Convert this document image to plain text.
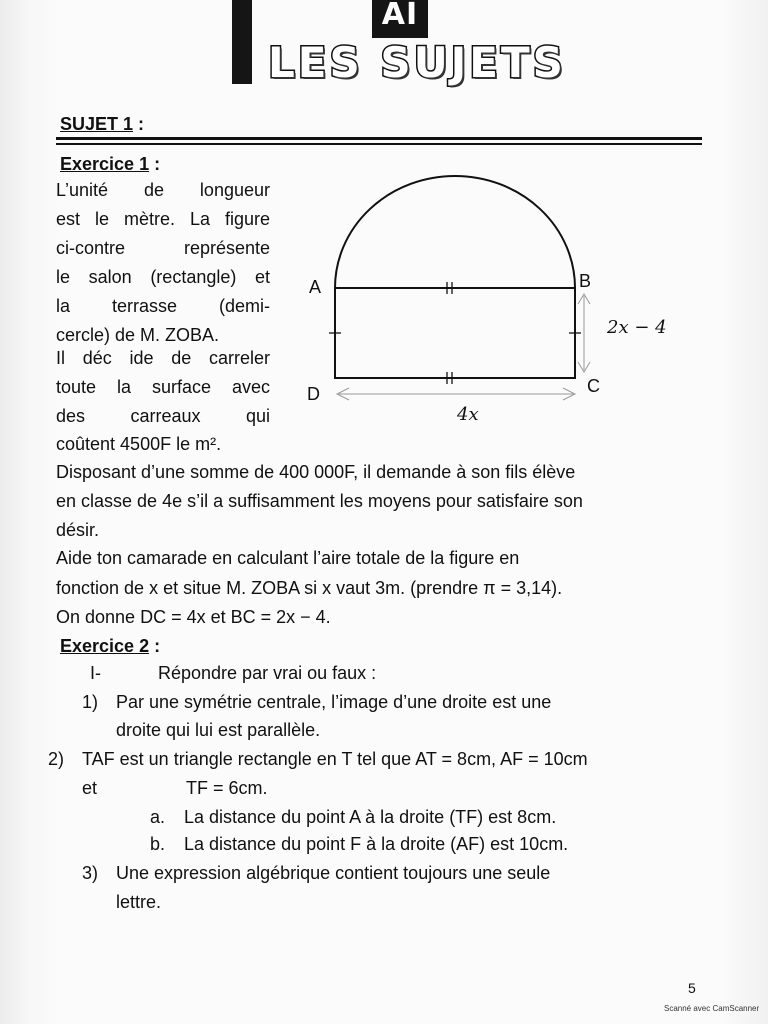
AI
LES SUJETS
SUJET 1 :
Exercice 1 :
L’unité de longueur
est le mètre. La figure
ci-contre représente
le salon (rectangle) et
la terrasse (demi-
cercle) de M. ZOBA.
Il déc ide de carreler
toute la surface avec
des carreaux qui
coûtent 4500F le m².
A	B
C
D
2x − 4
4x
Disposant d’une somme de 400 000F, il demande à son fils élève
en classe de 4e s’il a suffisamment les moyens pour satisfaire son
désir.
Aide ton camarade en calculant l’aire totale de la figure en
fonction de x et situe M. ZOBA si x vaut 3m. (prendre π = 3,14).
On donne DC = 4x et BC = 2x − 4.
Exercice 2 :
I-	Répondre par vrai ou faux :
1) Par une symétrie centrale, l’image d’une droite est une
droite qui lui est parallèle.
2) TAF est un triangle rectangle en T tel que AT = 8cm, AF = 10cm
et	TF = 6cm.
a. La distance du point A à la droite (TF) est 8cm.
b. La distance du point F à la droite (AF) est 10cm.
3) Une expression algébrique contient toujours une seule
lettre.
5
Scanné avec CamScanner
